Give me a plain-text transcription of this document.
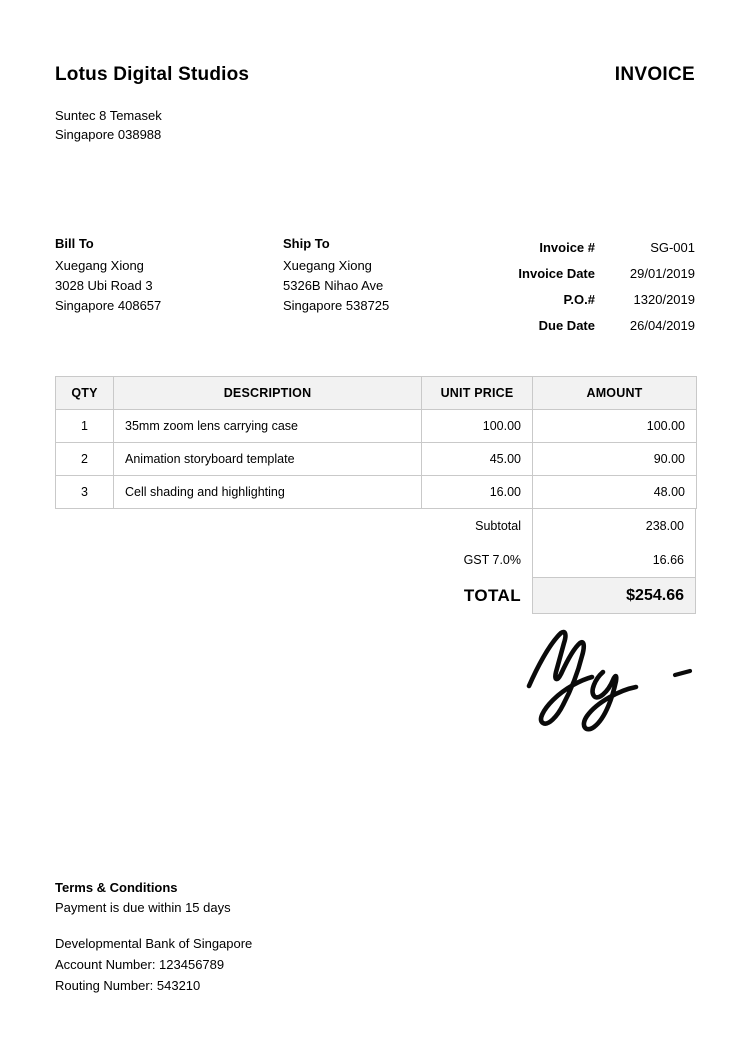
Lotus Digital Studios	INVOICE
Suntec 8 Temasek
Singapore 038988
Bill To
Xuegang Xiong
3028 Ubi Road 3
Singapore 408657
Ship To
Xuegang Xiong
5326B Nihao Ave
Singapore 538725
Invoice #	SG-001
Invoice Date	29/01/2019
P.O.#	1320/2019
Due Date	26/04/2019
QTY	DESCRIPTION	UNIT PRICE	AMOUNT
1	35mm zoom lens carrying case	100.00	100.00
2	Animation storyboard template	45.00	90.00
3	Cell shading and highlighting	16.00	48.00
Subtotal	238.00
GST 7.0%	16.66
TOTAL	$254.66
Terms & Conditions
Payment is due within 15 days
Developmental Bank of Singapore
Account Number: 123456789
Routing Number: 543210
